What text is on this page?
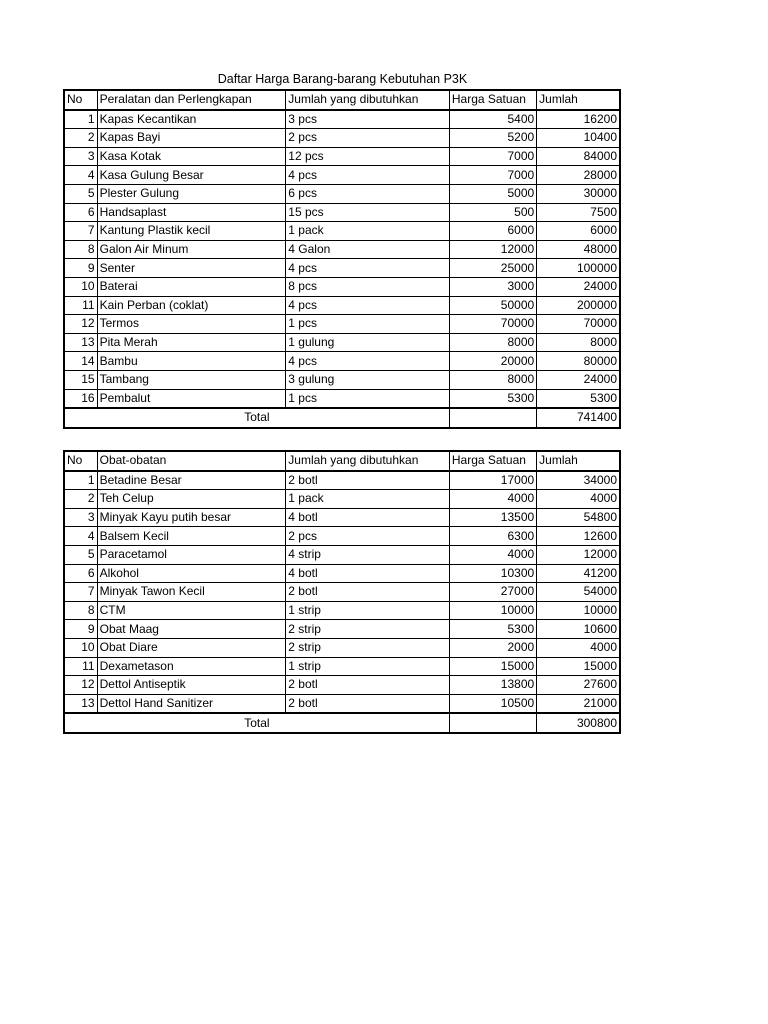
Daftar Harga Barang-barang Kebutuhan P3K
No	Peralatan dan Perlengkapan	Jumlah yang dibutuhkan	Harga Satuan	Jumlah
1	Kapas Kecantikan	3 pcs	5400	16200
2	Kapas Bayi	2 pcs	5200	10400
3	Kasa Kotak	12 pcs	7000	84000
4	Kasa Gulung Besar	4 pcs	7000	28000
5	Plester Gulung	6 pcs	5000	30000
6	Handsaplast	15 pcs	500	7500
7	Kantung Plastik kecil	1 pack	6000	6000
8	Galon Air Minum	4 Galon	12000	48000
9	Senter	4 pcs	25000	100000
10	Baterai	8 pcs	3000	24000
11	Kain Perban (coklat)	4 pcs	50000	200000
12	Termos	1 pcs	70000	70000
13	Pita Merah	1 gulung	8000	8000
14	Bambu	4 pcs	20000	80000
15	Tambang	3 gulung	8000	24000
16	Pembalut	1 pcs	5300	5300
Total				741400
No	Obat-obatan	Jumlah yang dibutuhkan	Harga Satuan	Jumlah
1	Betadine Besar	2 botl	17000	34000
2	Teh Celup	1 pack	4000	4000
3	Minyak Kayu putih besar	4 botl	13500	54800
4	Balsem Kecil	2 pcs	6300	12600
5	Paracetamol	4 strip	4000	12000
6	Alkohol	4 botl	10300	41200
7	Minyak Tawon Kecil	2 botl	27000	54000
8	CTM	1 strip	10000	10000
9	Obat Maag	2 strip	5300	10600
10	Obat Diare	2 strip	2000	4000
11	Dexametason	1 strip	15000	15000
12	Dettol Antiseptik	2 botl	13800	27600
13	Dettol Hand Sanitizer	2 botl	10500	21000
Total				300800
